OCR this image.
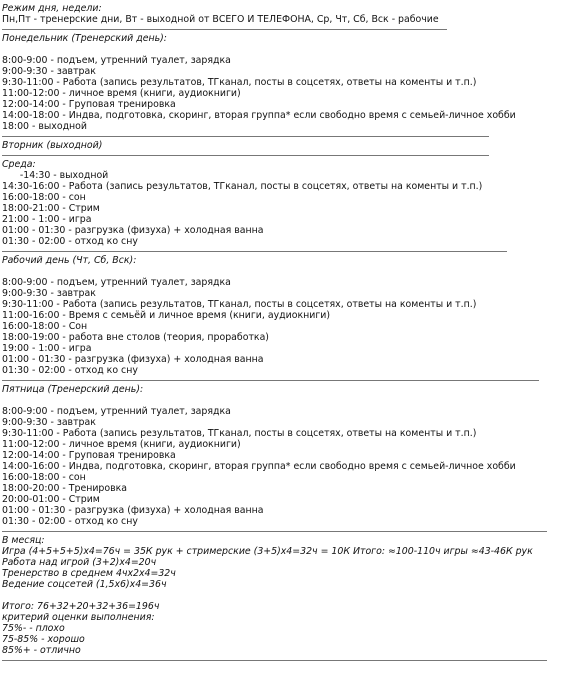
Режим дня, недели:
Пн,Пт - тренерские дни, Вт - выходной от ВСЕГО И ТЕЛЕФОНА, Ср, Чт, Сб, Вск - рабочие
Понедельник (Тренерский день):
8:00-9:00 - подъем, утренний туалет, зарядка
9:00-9:30 - завтрак
9:30-11:00 - Работа (запись результатов, ТГканал, посты в соцсетях, ответы на коменты и т.п.)
11:00-12:00 - личное время (книги, аудиокниги)
12:00-14:00 - Груповая тренировка
14:00-18:00 - Индва, подготовка, скоринг, вторая группа* если свободно время с семьей-личное хобби
18:00 - выходной
Вторник (выходной)
Среда:
-14:30 - выходной
14:30-16:00 - Работа (запись результатов, ТГканал, посты в соцсетях, ответы на коменты и т.п.)
16:00-18:00 - сон
18:00-21:00 - Стрим
21:00 - 1:00 - игра
01:00 - 01:30 - разгрузка (физуха) + холодная ванна
01:30 - 02:00 - отход ко сну
Рабочий день (Чт, Сб, Вск):
8:00-9:00 - подъем, утренний туалет, зарядка
9:00-9:30 - завтрак
9:30-11:00 - Работа (запись результатов, ТГканал, посты в соцсетях, ответы на коменты и т.п.)
11:00-16:00 - Время с семьёй и личное время (книги, аудиокниги)
16:00-18:00 - Сон
18:00-19:00 - работа вне столов (теория, проработка)
19:00 - 1:00 - игра
01:00 - 01:30 - разгрузка (физуха) + холодная ванна
01:30 - 02:00 - отход ко сну
Пятница (Тренерский день):
8:00-9:00 - подъем, утренний туалет, зарядка
9:00-9:30 - завтрак
9:30-11:00 - Работа (запись результатов, ТГканал, посты в соцсетях, ответы на коменты и т.п.)
11:00-12:00 - личное время (книги, аудиокниги)
12:00-14:00 - Груповая тренировка
14:00-16:00 - Индва, подготовка, скоринг, вторая группа* если свободно время с семьей-личное хобби
16:00-18:00 - сон
18:00-20:00 - Тренировка
20:00-01:00 - Стрим
01:00 - 01:30 - разгрузка (физуха) + холодная ванна
01:30 - 02:00 - отход ко сну
В месяц:
Игра (4+5+5+5)x4=76ч = 35К рук + стримерские (3+5)x4=32ч = 10К Итого: ≈100-110ч игры ≈43-46К рук
Работа над игрой (3+2)x4=20ч
Тренерство в среднем 4чx2x4=32ч
Ведение соцсетей (1,5x6)x4=36ч
Итого: 76+32+20+32+36=196ч
критерий оценки выполнения:
75%- - плохо
75-85% - хорошо
85%+ - отлично
